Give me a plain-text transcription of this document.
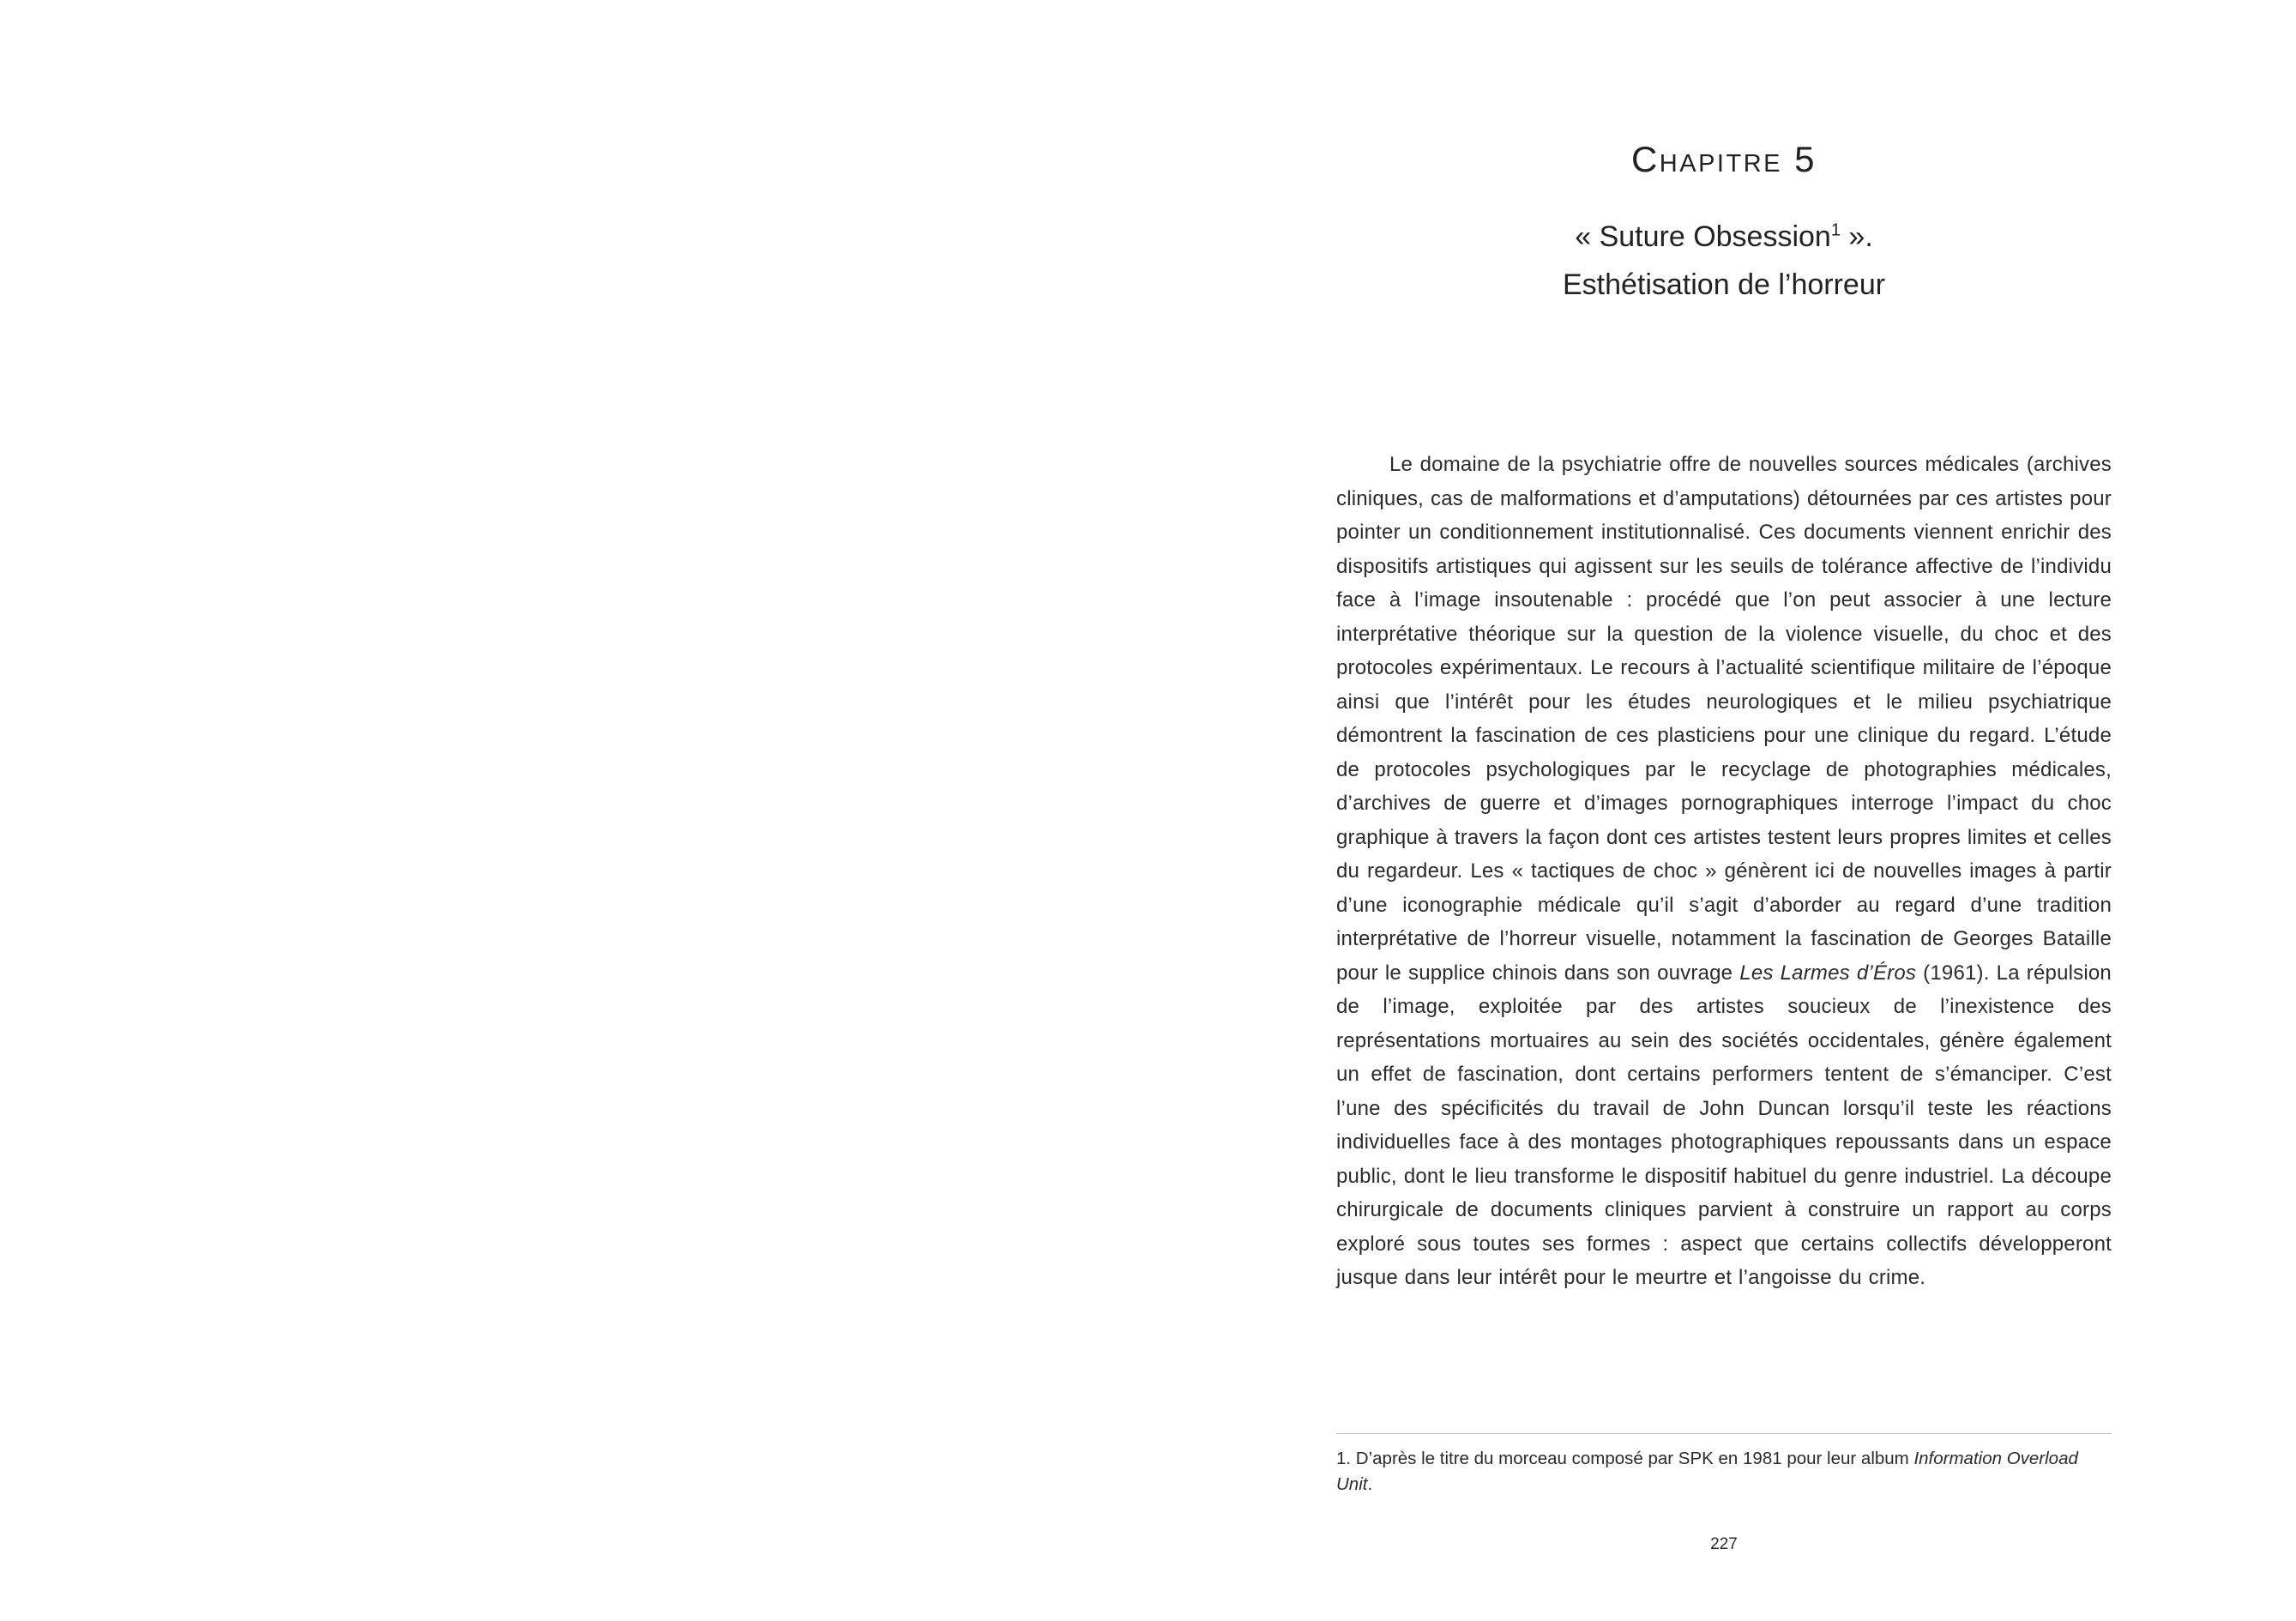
Chapitre 5
« Suture Obsession$^1$ ».
Esthétisation de l’horreur

Le domaine de la psychiatrie offre de nouvelles sources médicales (archives cliniques, cas de malformations et d’amputations) détournées par ces artistes pour pointer un conditionnement institutionnalisé. Ces documents viennent enrichir des dispositifs artistiques qui agissent sur les seuils de tolérance affective de l’individu face à l’image insoutenable : procédé que l’on peut associer à une lecture interprétative théorique sur la question de la violence visuelle, du choc et des protocoles expérimentaux. Le recours à l’actualité scientifique militaire de l’époque ainsi que l’intérêt pour les études neurologiques et le milieu psychiatrique démontrent la fascination de ces plasticiens pour une clinique du regard. L’étude de protocoles psychologiques par le recyclage de photographies médicales, d’archives de guerre et d’images pornographiques interroge l’impact du choc graphique à travers la façon dont ces artistes testent leurs propres limites et celles du regardeur. Les « tactiques de choc » génèrent ici de nouvelles images à partir d’une iconographie médicale qu’il s’agit d’aborder au regard d’une tradition interprétative de l’horreur visuelle, notamment la fascination de Georges Bataille pour le supplice chinois dans son ouvrage Les Larmes d’Éros (1961). La répulsion de l’image, exploitée par des artistes soucieux de l’inexistence des représentations mortuaires au sein des sociétés occidentales, génère également un effet de fascination, dont certains performers tentent de s’émanciper. C’est l’une des spécificités du travail de John Duncan lorsqu’il teste les réactions individuelles face à des montages photographiques repoussants dans un espace public, dont le lieu transforme le dispositif habituel du genre industriel. La découpe chirurgicale de documents cliniques parvient à construire un rapport au corps exploré sous toutes ses formes : aspect que certains collectifs développeront jusque dans leur intérêt pour le meurtre et l’angoisse du crime.

1. D’après le titre du morceau composé par SPK en 1981 pour leur album Information Overload Unit.
227
